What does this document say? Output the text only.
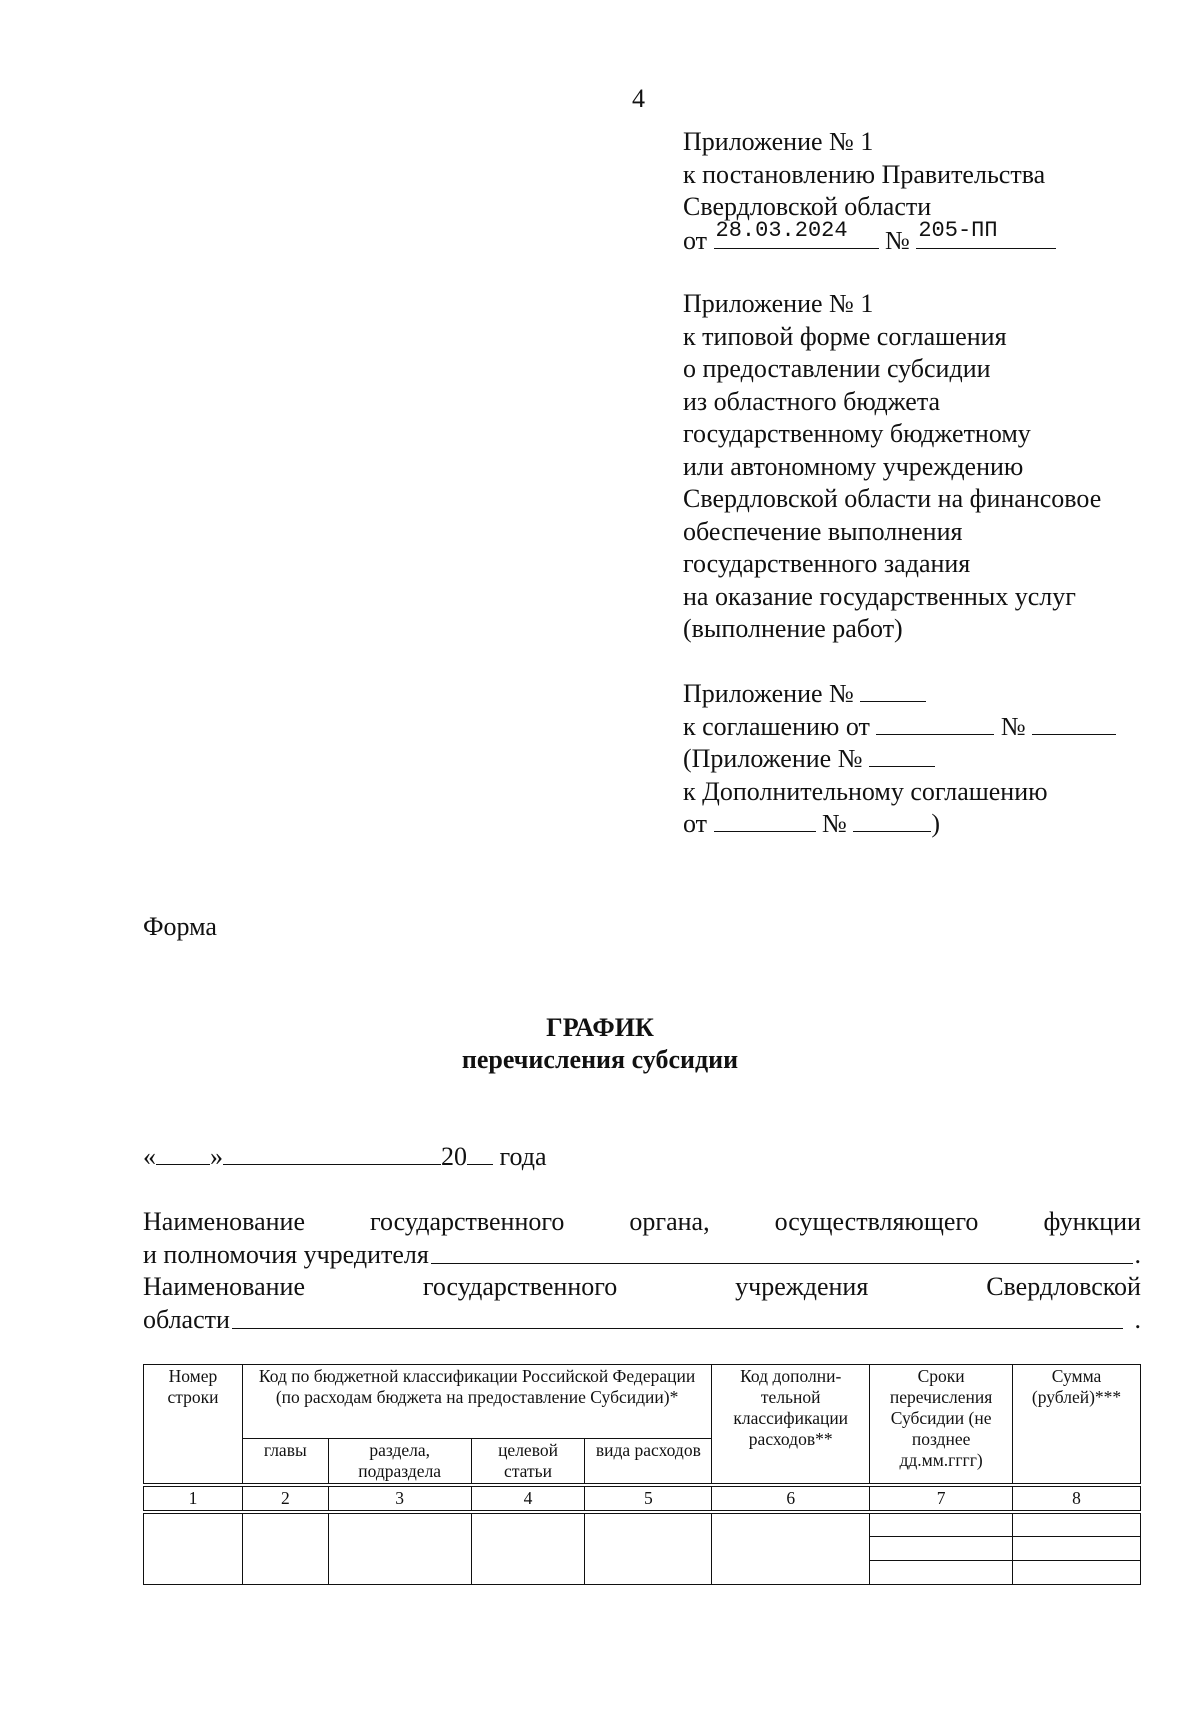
4
Приложение № 1
к постановлению Правительства
Свердловской области
от 28.03.2024 № 205-ПП
Приложение № 1
к типовой форме соглашения
о предоставлении субсидии
из областного бюджета
государственному бюджетному
или автономному учреждению
Свердловской области на финансовое
обеспечение выполнения
государственного задания
на оказание государственных услуг
(выполнение работ)
Приложение №
к соглашению от	№
(Приложение №
к Дополнительному соглашению
от	№	)
Форма
ГРАФИК
перечисления субсидии
« »	20 года
Наименование	государственного	органа,	осуществляющего	функции
и полномочия учредителя	.
Наименование	государственного	учреждения	Свердловской
области	.
Номер строки	Код по бюджетной классификации Российской Федерации (по расходам бюджета на предоставление Субсидии)*				Код дополни-тельной классификации расходов**	Сроки перечисления Субсидии (не позднее дд.мм.гггг)	Сумма (рублей)***
	главы	раздела, подраздела	целевой статьи	вида расходов			
1	2	3	4	5	6	7	8
